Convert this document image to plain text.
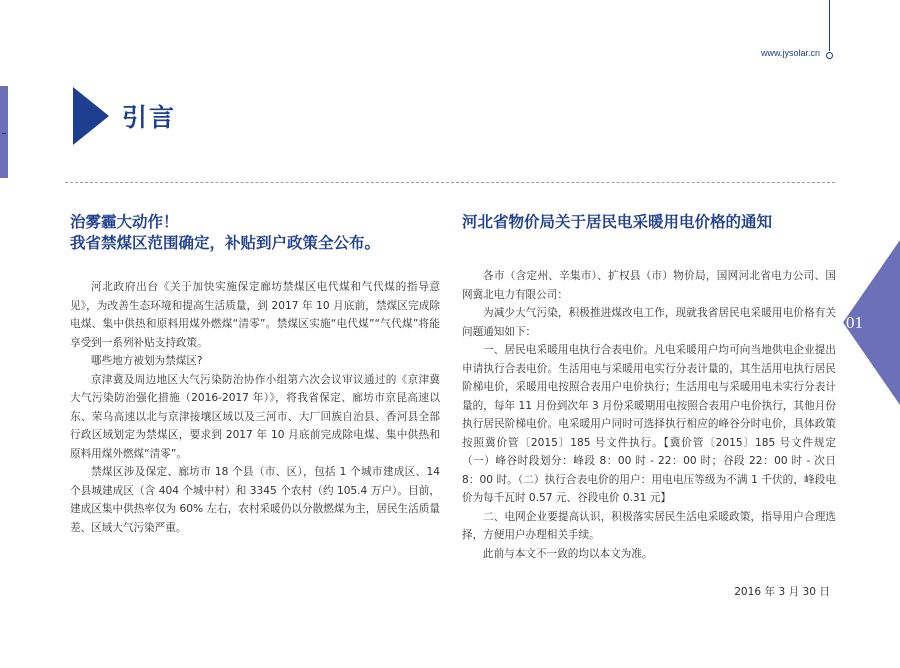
www.jysolar.cn
引言
01
治雾霾大动作！
我省禁煤区范围确定，补贴到户政策全公布。

河北政府出台《关于加快实施保定廊坊禁煤区电代煤和气代煤的指导意见》，为改善生态环境和提高生活质量，到 2017 年 10 月底前，禁煤区完成除电煤、集中供热和原料用煤外燃煤“清零”。禁煤区实施“电代煤”“气代煤”将能享受到一系列补贴支持政策。

哪些地方被划为禁煤区?

京津冀及周边地区大气污染防治协作小组第六次会议审议通过的《京津冀大气污染防治强化措施（2016-2017 年）》，将我省保定、廊坊市京昆高速以东、荣乌高速以北与京津接壤区域以及三河市、大厂回族自治县、香河县全部行政区域划定为禁煤区，要求到 2017 年 10 月底前完成除电煤、集中供热和原料用煤外燃煤“清零”。

禁煤区涉及保定、廊坊市 18 个县（市、区），包括 1 个城市建成区、14 个县城建成区（含 404 个城中村）和 3345 个农村（约 105.4 万户）。目前，建成区集中供热率仅为 60% 左右，农村采暖仍以分散燃煤为主，居民生活质量差、区域大气污染严重。

河北省物价局关于居民电采暖用电价格的通知

各市（含定州、辛集市）、扩权县（市）物价局，国网河北省电力公司、国网冀北电力有限公司：

为减少大气污染，积极推进煤改电工作，现就我省居民电采暖用电价格有关问题通知如下：

一、居民电采暖用电执行合表电价。凡电采暖用户均可向当地供电企业提出申请执行合表电价。生活用电与采暖用电实行分表计量的，其生活用电执行居民阶梯电价，采暖用电按照合表用户电价执行；生活用电与采暖用电未实行分表计量的，每年 11 月份到次年 3 月份采暖期用电按照合表用户电价执行，其他月份执行居民阶梯电价。电采暖用户同时可选择执行相应的峰谷分时电价，具体政策按照冀价管〔2015〕185 号文件执行。【冀价管〔2015〕185 号文件规定（一）峰谷时段划分：峰段 8：00 时 - 22：00 时；谷段 22：00 时 - 次日 8：00 时。（二）执行合表电价的用户：用电电压等级为不满 1 千伏的，峰段电价为每千瓦时 0.57 元、谷段电价 0.31 元】

二、电网企业要提高认识，积极落实居民生活电采暖政策，指导用户合理选择，方便用户办理相关手续。

此前与本文不一致的均以本文为准。

2016 年 3 月 30 日
